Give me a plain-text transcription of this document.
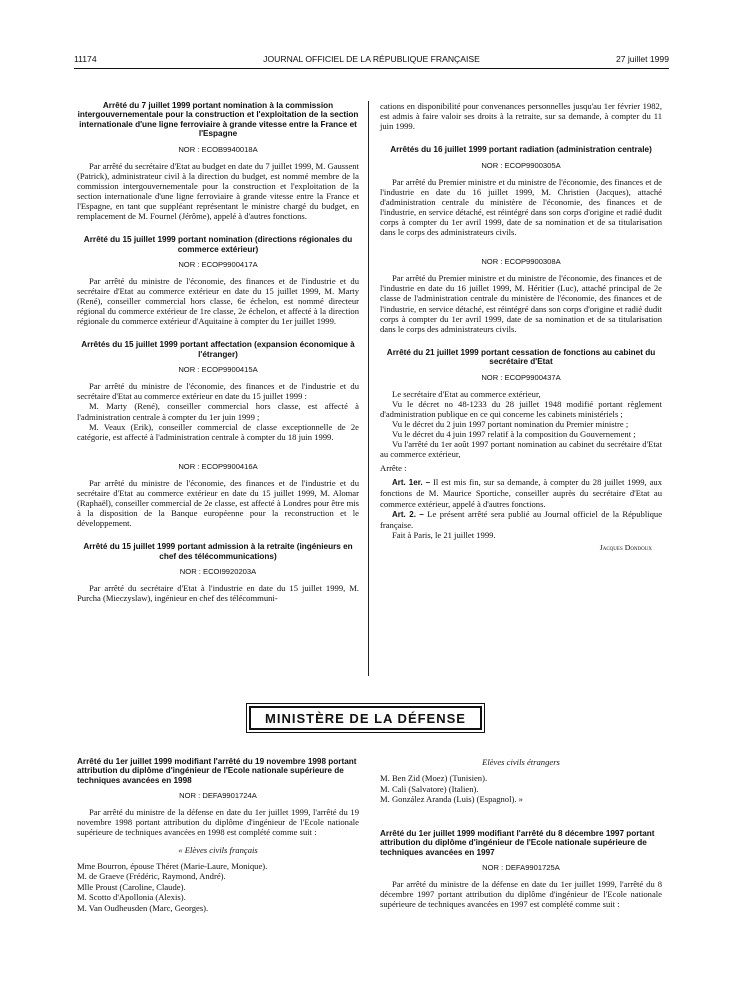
11174	JOURNAL OFFICIEL DE LA RÉPUBLIQUE FRANÇAISE	27 juillet 1999

Arrêté du 7 juillet 1999 portant nomination à la commission intergouvernementale pour la construction et l'exploitation de la section internationale d'une ligne ferroviaire à grande vitesse entre la France et l'Espagne

NOR : ECOB9940018A

Par arrêté du secrétaire d'Etat au budget en date du 7 juillet 1999, M. Gaussent (Patrick), administrateur civil à la direction du budget, est nommé membre de la commission intergouvernementale pour la construction et l'exploitation de la section internationale d'une ligne ferroviaire à grande vitesse entre la France et l'Espagne, en tant que suppléant représentant le ministre chargé du budget, en remplacement de M. Fournel (Jérôme), appelé à d'autres fonctions.

Arrêté du 15 juillet 1999 portant nomination (directions régionales du commerce extérieur)

NOR : ECOP9900417A

Par arrêté du ministre de l'économie, des finances et de l'industrie et du secrétaire d'Etat au commerce extérieur en date du 15 juillet 1999, M. Marty (René), conseiller commercial hors classe, 6e échelon, est nommé directeur régional du commerce extérieur de 1re classe, 2e échelon, et affecté à la direction régionale du commerce extérieur d'Aquitaine à compter du 1er juillet 1999.

Arrêtés du 15 juillet 1999 portant affectation (expansion économique à l'étranger)

NOR : ECOP9900415A

Par arrêté du ministre de l'économie, des finances et de l'industrie et du secrétaire d'Etat au commerce extérieur en date du 15 juillet 1999 :

M. Marty (René), conseiller commercial hors classe, est affecté à l'administration centrale à compter du 1er juin 1999 ;

M. Veaux (Erik), conseiller commercial de classe exceptionnelle de 2e catégorie, est affecté à l'administration centrale à compter du 18 juin 1999.

NOR : ECOP9900416A

Par arrêté du ministre de l'économie, des finances et de l'industrie et du secrétaire d'Etat au commerce extérieur en date du 15 juillet 1999, M. Alomar (Raphaël), conseiller commercial de 2e classe, est affecté à Londres pour être mis à la disposition de la Banque européenne pour la reconstruction et le développement.

Arrêté du 15 juillet 1999 portant admission à la retraite (ingénieurs en chef des télécommunications)

NOR : ECOI9920203A

Par arrêté du secrétaire d'Etat à l'industrie en date du 15 juillet 1999, M. Purcha (Mieczyslaw), ingénieur en chef des télécommuni-

cations en disponibilité pour convenances personnelles jusqu'au 1er février 1982, est admis à faire valoir ses droits à la retraite, sur sa demande, à compter du 11 juin 1999.

Arrêtés du 16 juillet 1999 portant radiation (administration centrale)

NOR : ECOP9900305A

Par arrêté du Premier ministre et du ministre de l'économie, des finances et de l'industrie en date du 16 juillet 1999, M. Christien (Jacques), attaché d'administration centrale du ministère de l'économie, des finances et de l'industrie, en service détaché, est réintégré dans son corps d'origine et radié dudit corps à compter du 1er avril 1999, date de sa nomination et de sa titularisation dans le corps des administrateurs civils.

NOR : ECOP9900308A

Par arrêté du Premier ministre et du ministre de l'économie, des finances et de l'industrie en date du 16 juillet 1999, M. Héritier (Luc), attaché principal de 2e classe de l'administration centrale du ministère de l'économie, des finances et de l'industrie, en service détaché, est réintégré dans son corps d'origine et radié dudit corps à compter du 1er avril 1999, date de sa nomination et de sa titularisation dans le corps des administrateurs civils.

Arrêté du 21 juillet 1999 portant cessation de fonctions au cabinet du secrétaire d'Etat

NOR : ECOP9900437A

Le secrétaire d'Etat au commerce extérieur,

Vu le décret no 48-1233 du 28 juillet 1948 modifié portant règlement d'administration publique en ce qui concerne les cabinets ministériels ;

Vu le décret du 2 juin 1997 portant nomination du Premier ministre ;

Vu le décret du 4 juin 1997 relatif à la composition du Gouvernement ;

Vu l'arrêté du 1er août 1997 portant nomination au cabinet du secrétaire d'Etat au commerce extérieur,

Arrête :

Art. 1er. – Il est mis fin, sur sa demande, à compter du 28 juillet 1999, aux fonctions de M. Maurice Sportiche, conseiller auprès du secrétaire d'Etat au commerce extérieur, appelé à d'autres fonctions.

Art. 2. – Le présent arrêté sera publié au Journal officiel de la République française.

Fait à Paris, le 21 juillet 1999.

Jacques Dondoux
MINISTÈRE DE LA DÉFENSE

Arrêté du 1er juillet 1999 modifiant l'arrêté du 19 novembre 1998 portant attribution du diplôme d'ingénieur de l'Ecole nationale supérieure de techniques avancées en 1998

NOR : DEFA9901724A

Par arrêté du ministre de la défense en date du 1er juillet 1999, l'arrêté du 19 novembre 1998 portant attribution du diplôme d'ingénieur de l'Ecole nationale supérieure de techniques avancées en 1998 est complété comme suit :

« Elèves civils français

Mme Bourron, épouse Théret (Marie-Laure, Monique).

M. de Graeve (Frédéric, Raymond, André).

Mlle Proust (Caroline, Claude).

M. Scotto d'Apollonia (Alexis).

M. Van Oudheusden (Marc, Georges).

Elèves civils étrangers

M. Ben Zid (Moez) (Tunisien).

M. Cali (Salvatore) (Italien).

M. González Aranda (Luis) (Espagnol). »

Arrêté du 1er juillet 1999 modifiant l'arrêté du 8 décembre 1997 portant attribution du diplôme d'ingénieur de l'Ecole nationale supérieure de techniques avancées en 1997

NOR : DEFA9901725A

Par arrêté du ministre de la défense en date du 1er juillet 1999, l'arrêté du 8 décembre 1997 portant attribution du diplôme d'ingénieur de l'Ecole nationale supérieure de techniques avancées en 1997 est complété comme suit :
